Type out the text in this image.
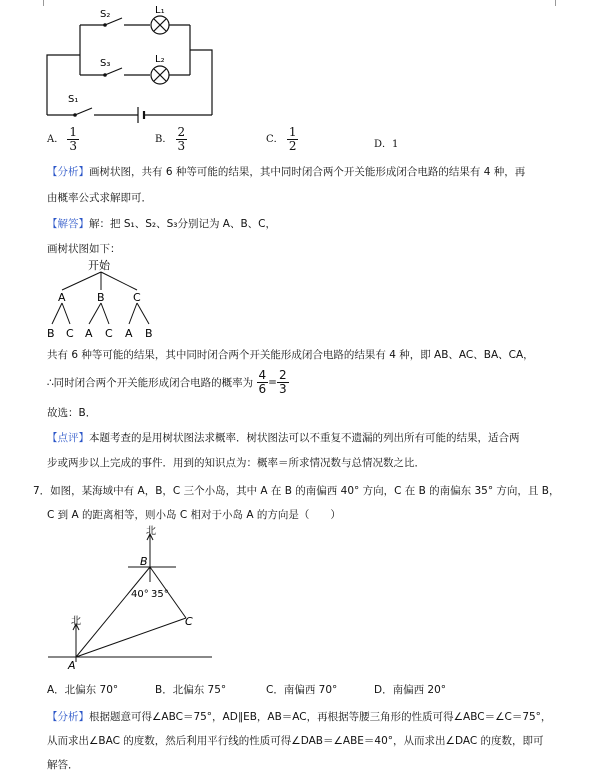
S₂	L₁
S₃	L₂
S₁
A． $\frac{1}{3}$	B． $\frac{2}{3}$	C． $\frac{1}{2}$	D．1
【分析】画树状图，共有 6 种等可能的结果，其中同时闭合两个开关能形成闭合电路的结果有 4 种，再
由概率公式求解即可．
【解答】解：把 S₁、S₂、S₃分别记为 A、B、C，
画树状图如下：
开始
A	B	C
B C A C A B
共有 6 种等可能的结果，其中同时闭合两个开关能形成闭合电路的结果有 4 种，即 AB、AC、BA、CA，
∴同时闭合两个开关能形成闭合电路的概率为 $\frac{4}{6} = \frac{2}{3}$
故选：B．
【点评】本题考查的是用树状图法求概率．树状图法可以不重复不遗漏的列出所有可能的结果，适合两
步或两步以上完成的事件．用到的知识点为：概率＝所求情况数与总情况数之比．
7．如图，某海域中有 A，B，C 三个小岛，其中 A 在 B 的南偏西 40° 方向，C 在 B 的南偏东 35° 方向，且 B，
C 到 A 的距离相等，则小岛 C 相对于小岛 A 的方向是（　　）
北
B
40° 35°
C
北
A
A．北偏东 70°	B．北偏东 75°	C．南偏西 70°	D．南偏西 20°
【分析】根据题意可得∠ABC＝75°，AD∥EB，AB＝AC，再根据等腰三角形的性质可得∠ABC＝∠C＝75°，
从而求出∠BAC 的度数，然后利用平行线的性质可得∠DAB＝∠ABE＝40°，从而求出∠DAC 的度数，即可
解答．
